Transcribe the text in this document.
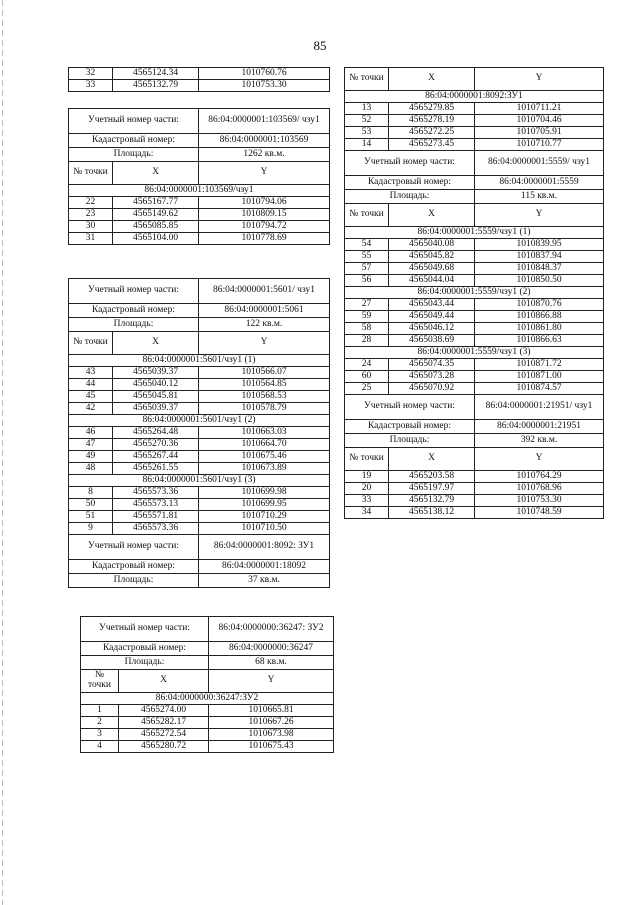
85
32	4565124.34	1010760.76
33	4565132.79	1010753.30
Учетный номер части:		86:04:0000001:103569/ чзу1
Кадастровый номер:		86:04:0000001:103569
Площадь:		1262 кв.м.
№ точки	X	Y
86:04:0000001:103569/чзу1		
22	4565167.77	1010794.06
23	4565149.62	1010809.15
30	4565085.85	1010794.72
31	4565104.00	1010778.69
Учетный номер части:		86:04:0000001:5601/ чзу1
Кадастровый номер:		86:04:0000001:5061
Площадь:		122 кв.м.
№ точки	X	Y
86:04:0000001:5601/чзу1 (1)		
43	4565039.37	1010566.07
44	4565040.12	1010564.85
45	4565045.81	1010568.53
42	4565039.37	1010578.79
86:04:0000001:5601/чзу1 (2)		
46	4565264.48	1010663.03
47	4565270.36	1010664.70
49	4565267.44	1010675.46
48	4565261.55	1010673.89
86:04:0000001:5601/чзу1 (3)		
8	4565573.36	1010699.98
50	4565573.13	1010699.95
51	4565571.81	1010710.29
9	4565573.36	1010710.50
Учетный номер части:		86:04:0000001:8092: ЗУ1
Кадастровый номер:		86:04:0000001:18092
Площадь:		37 кв.м.
Учетный номер части:		86:04:0000000:36247: ЗУ2
Кадастровый номер:		86:04:0000000:36247
Площадь:		68 кв.м.
№ точки	X	Y
86:04:0000000:36247:ЗУ2		
1	4565274.00	1010665.81
2	4565282.17	1010667.26
3	4565272.54	1010673.98
4	4565280.72	1010675.43
№ точки	X	Y
86:04:0000001:8092:ЗУ1		
13	4565279.85	1010711.21
52	4565278.19	1010704.46
53	4565272.25	1010705.91
14	4565273.45	1010710.77
Учетный номер части:		86:04:0000001:5559/ чзу1
Кадастровый номер:		86:04:0000001:5559
Площадь:		115 кв.м.
№ точки	X	Y
86:04:0000001:5559/чзу1 (1)		
54	4565040.08	1010839.95
55	4565045.82	1010837.94
57	4565049.68	1010848.37
56	4565044.04	1010850.50
86:04:0000001:5559/чзу1 (2)		
27	4565043.44	1010870.76
59	4565049.44	1010866.88
58	4565046.12	1010861.80
28	4565038.69	1010866.63
86:04:0000001:5559/чзу1 (3)		
24	4565074.35	1010871.72
60	4565073.28	1010871.00
25	4565070.92	1010874.57
Учетный номер части:		86:04:0000001:21951/ чзу1
Кадастровый номер:		86:04:0000001:21951
Площадь:		392 кв.м.
№ точки	X	Y
19	4565203.58	1010764.29
20	4565197.97	1010768.96
33	4565132.79	1010753.30
34	4565138.12	1010748.59
